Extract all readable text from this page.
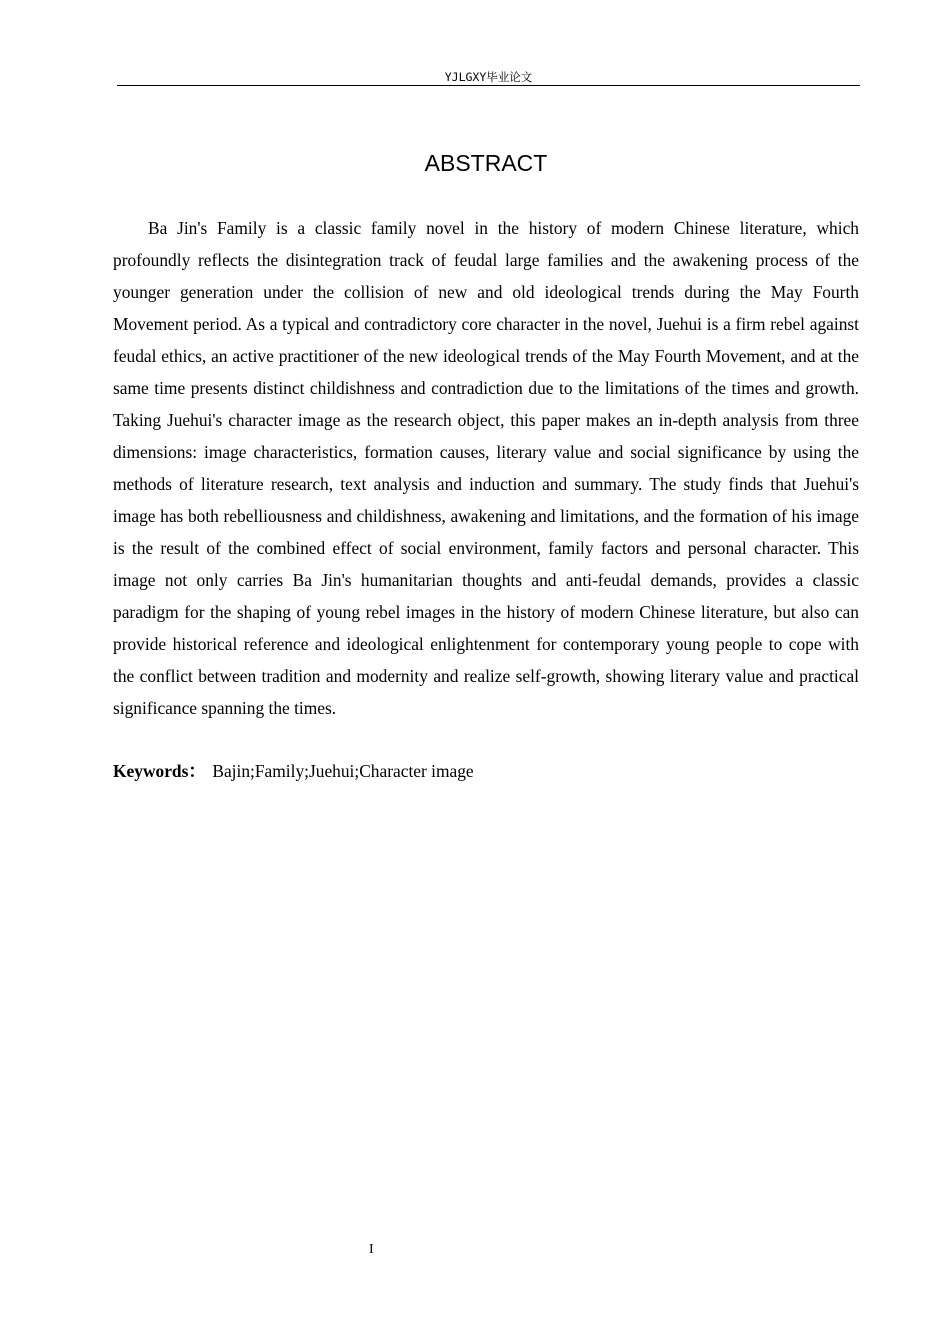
YJLGXY毕业论文
ABSTRACT

Ba Jin's Family is a classic family novel in the history of modern Chinese literature, which profoundly reflects the disintegration track of feudal large families and the awakening process of the younger generation under the collision of new and old ideological trends during the May Fourth Movement period. As a typical and contradictory core character in the novel, Juehui is a firm rebel against feudal ethics, an active practitioner of the new ideological trends of the May Fourth Movement, and at the same time presents distinct childishness and contradiction due to the limitations of the times and growth. Taking Juehui's character image as the research object, this paper makes an in-depth analysis from three dimensions: image characteristics, formation causes, literary value and social significance by using the methods of literature research, text analysis and induction and summary. The study finds that Juehui's image has both rebelliousness and childishness, awakening and limitations, and the formation of his image is the result of the combined effect of social environment, family factors and personal character. This image not only carries Ba Jin's humanitarian thoughts and anti-feudal demands, provides a classic paradigm for the shaping of young rebel images in the history of modern Chinese literature, but also can provide historical reference and ideological enlightenment for contemporary young people to cope with the conflict between tradition and modernity and realize self-growth, showing literary value and practical significance spanning the times.

Keywords： Bajin;Family;Juehui;Character image

I
